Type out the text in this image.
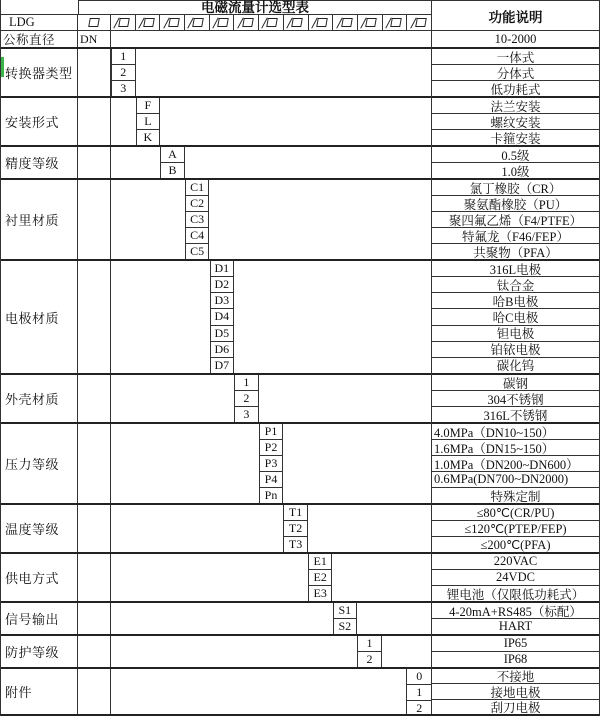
电磁流量计选型表
LDG
公称直径	DN
转换器类型
1
2
3
安装形式
F
L
K
精度等级
A
B
衬里材质
C1
C2
C3
C4
C5
电极材质
D1
D2
D3
D4
D5
D6
D7
外壳材质
1
2
3
压力等级
P1
P2
P3
P4
Pn
温度等级
T1
T2
T3
供电方式
E1
E2
E3
信号输出
S1
S2
防护等级
1
2
附件
0
1
2
功能说明
10-2000
一体式
分体式
低功耗式
法兰安装
螺纹安装
卡箍安装
0.5级
1.0级
氯丁橡胶（CR）
聚氨酯橡胶（PU）
聚四氟乙烯（F4/PTFE）
特氟龙（F46/FEP）
共聚物（PFA）
316L电极
钛合金
哈B电极
哈C电极
钽电极
铂铱电极
碳化钨
碳钢
304不锈钢
316L不锈钢
4.0MPa（DN10~150）
1.6MPa（DN15~150）
1.0MPa（DN200~DN600）
0.6MPa(DN700~DN2000)
特殊定制
≤80℃(CR/PU)
≤120℃(PTEP/FEP)
≤200℃(PFA)
220VAC
24VDC
锂电池（仅限低功耗式）
4-20mA+RS485（标配）
HART
IP65
IP68
不接地
接地电极
刮刀电极
